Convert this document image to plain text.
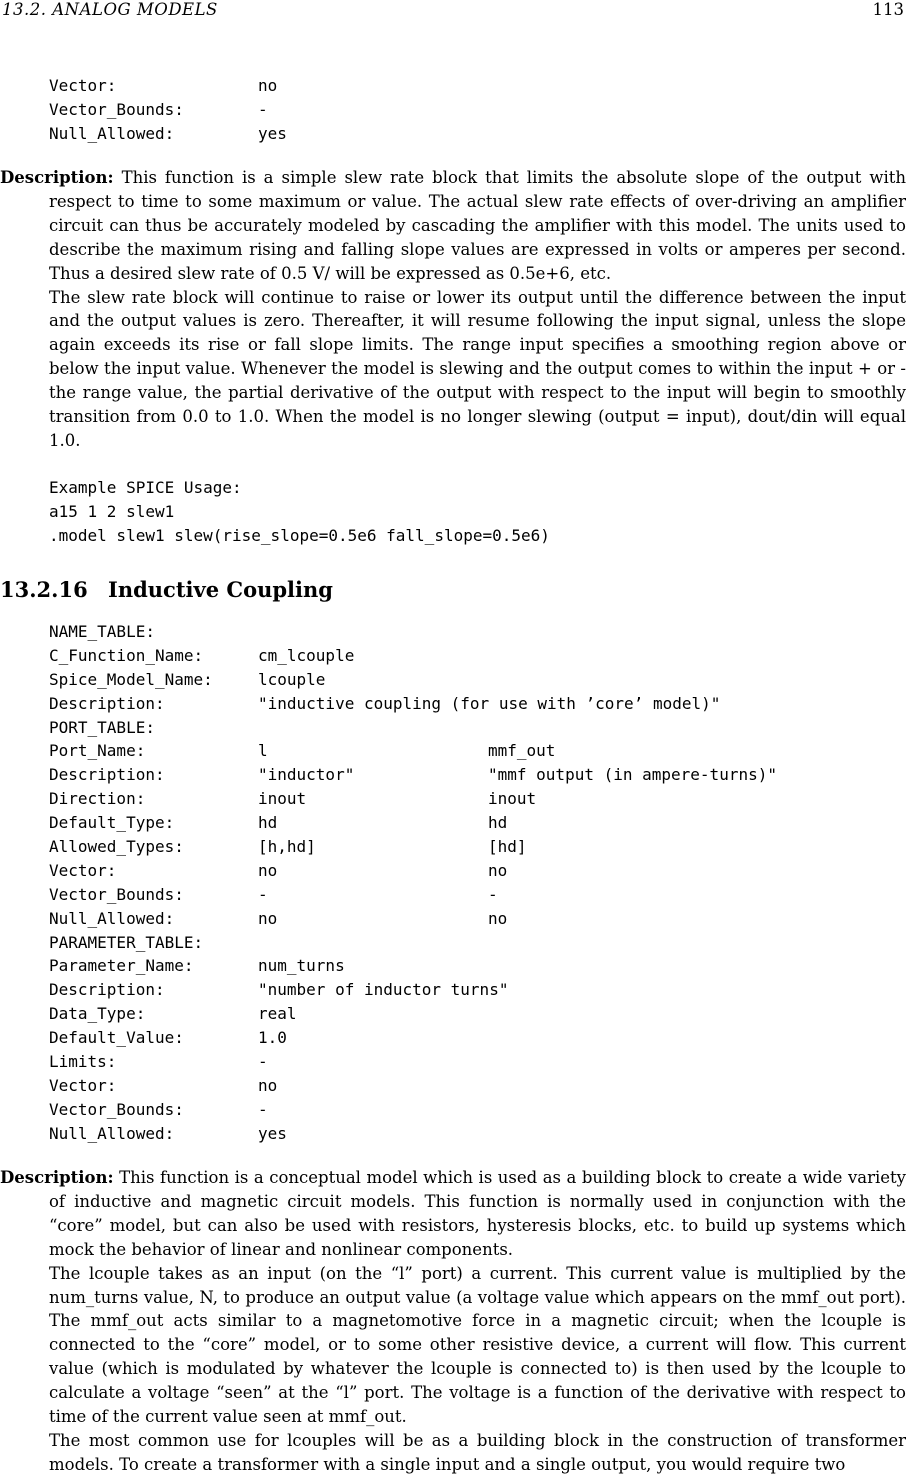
13.2. ANALOG MODELS	113
Vector:	no
Vector_Bounds:	-
Null_Allowed:	yes
Description: This function is a simple slew rate block that limits the absolute slope of the output with respect to time to some maximum or value. The actual slew rate effects of over-driving an amplifier circuit can thus be accurately modeled by cascading the amplifier with this model. The units used to describe the maximum rising and falling slope values are expressed in volts or amperes per second. Thus a desired slew rate of 0.5 V/ will be expressed as 0.5e+6, etc.
The slew rate block will continue to raise or lower its output until the difference between the input and the output values is zero. Thereafter, it will resume following the input signal, unless the slope again exceeds its rise or fall slope limits. The range input specifies a smoothing region above or below the input value. Whenever the model is slewing and the output comes to within the input + or - the range value, the partial derivative of the output with respect to the input will begin to smoothly transition from 0.0 to 1.0. When the model is no longer slewing (output = input), dout/din will equal 1.0.
Example SPICE Usage:
a15 1 2 slew1
.model slew1 slew(rise_slope=0.5e6 fall_slope=0.5e6)
13.2.16 Inductive Coupling
NAME_TABLE:
C_Function_Name:	cm_lcouple
Spice_Model_Name:	lcouple
Description:	"inductive coupling (for use with ’core’ model)"
PORT_TABLE:
Port_Name:	l	mmf_out
Description:	"inductor"	"mmf output (in ampere-turns)"
Direction:	inout	inout
Default_Type:	hd	hd
Allowed_Types:	[h,hd]	[hd]
Vector:	no	no
Vector_Bounds:	-	-
Null_Allowed:	no	no
PARAMETER_TABLE:
Parameter_Name:	num_turns
Description:	"number of inductor turns"
Data_Type:	real
Default_Value:	1.0
Limits:	-
Vector:	no
Vector_Bounds:	-
Null_Allowed:	yes
Description: This function is a conceptual model which is used as a building block to create a wide variety of inductive and magnetic circuit models. This function is normally used in conjunction with the “core” model, but can also be used with resistors, hysteresis blocks, etc. to build up systems which mock the behavior of linear and nonlinear components.
The lcouple takes as an input (on the “l” port) a current. This current value is multiplied by the num_turns value, N, to produce an output value (a voltage value which appears on the mmf_out port). The mmf_out acts similar to a magnetomotive force in a magnetic circuit; when the lcouple is connected to the “core” model, or to some other resistive device, a current will flow. This current value (which is modulated by whatever the lcouple is connected to) is then used by the lcouple to calculate a voltage “seen” at the “l” port. The voltage is a function of the derivative with respect to time of the current value seen at mmf_out.
The most common use for lcouples will be as a building block in the construction of transformer models. To create a transformer with a single input and a single output, you would require two
